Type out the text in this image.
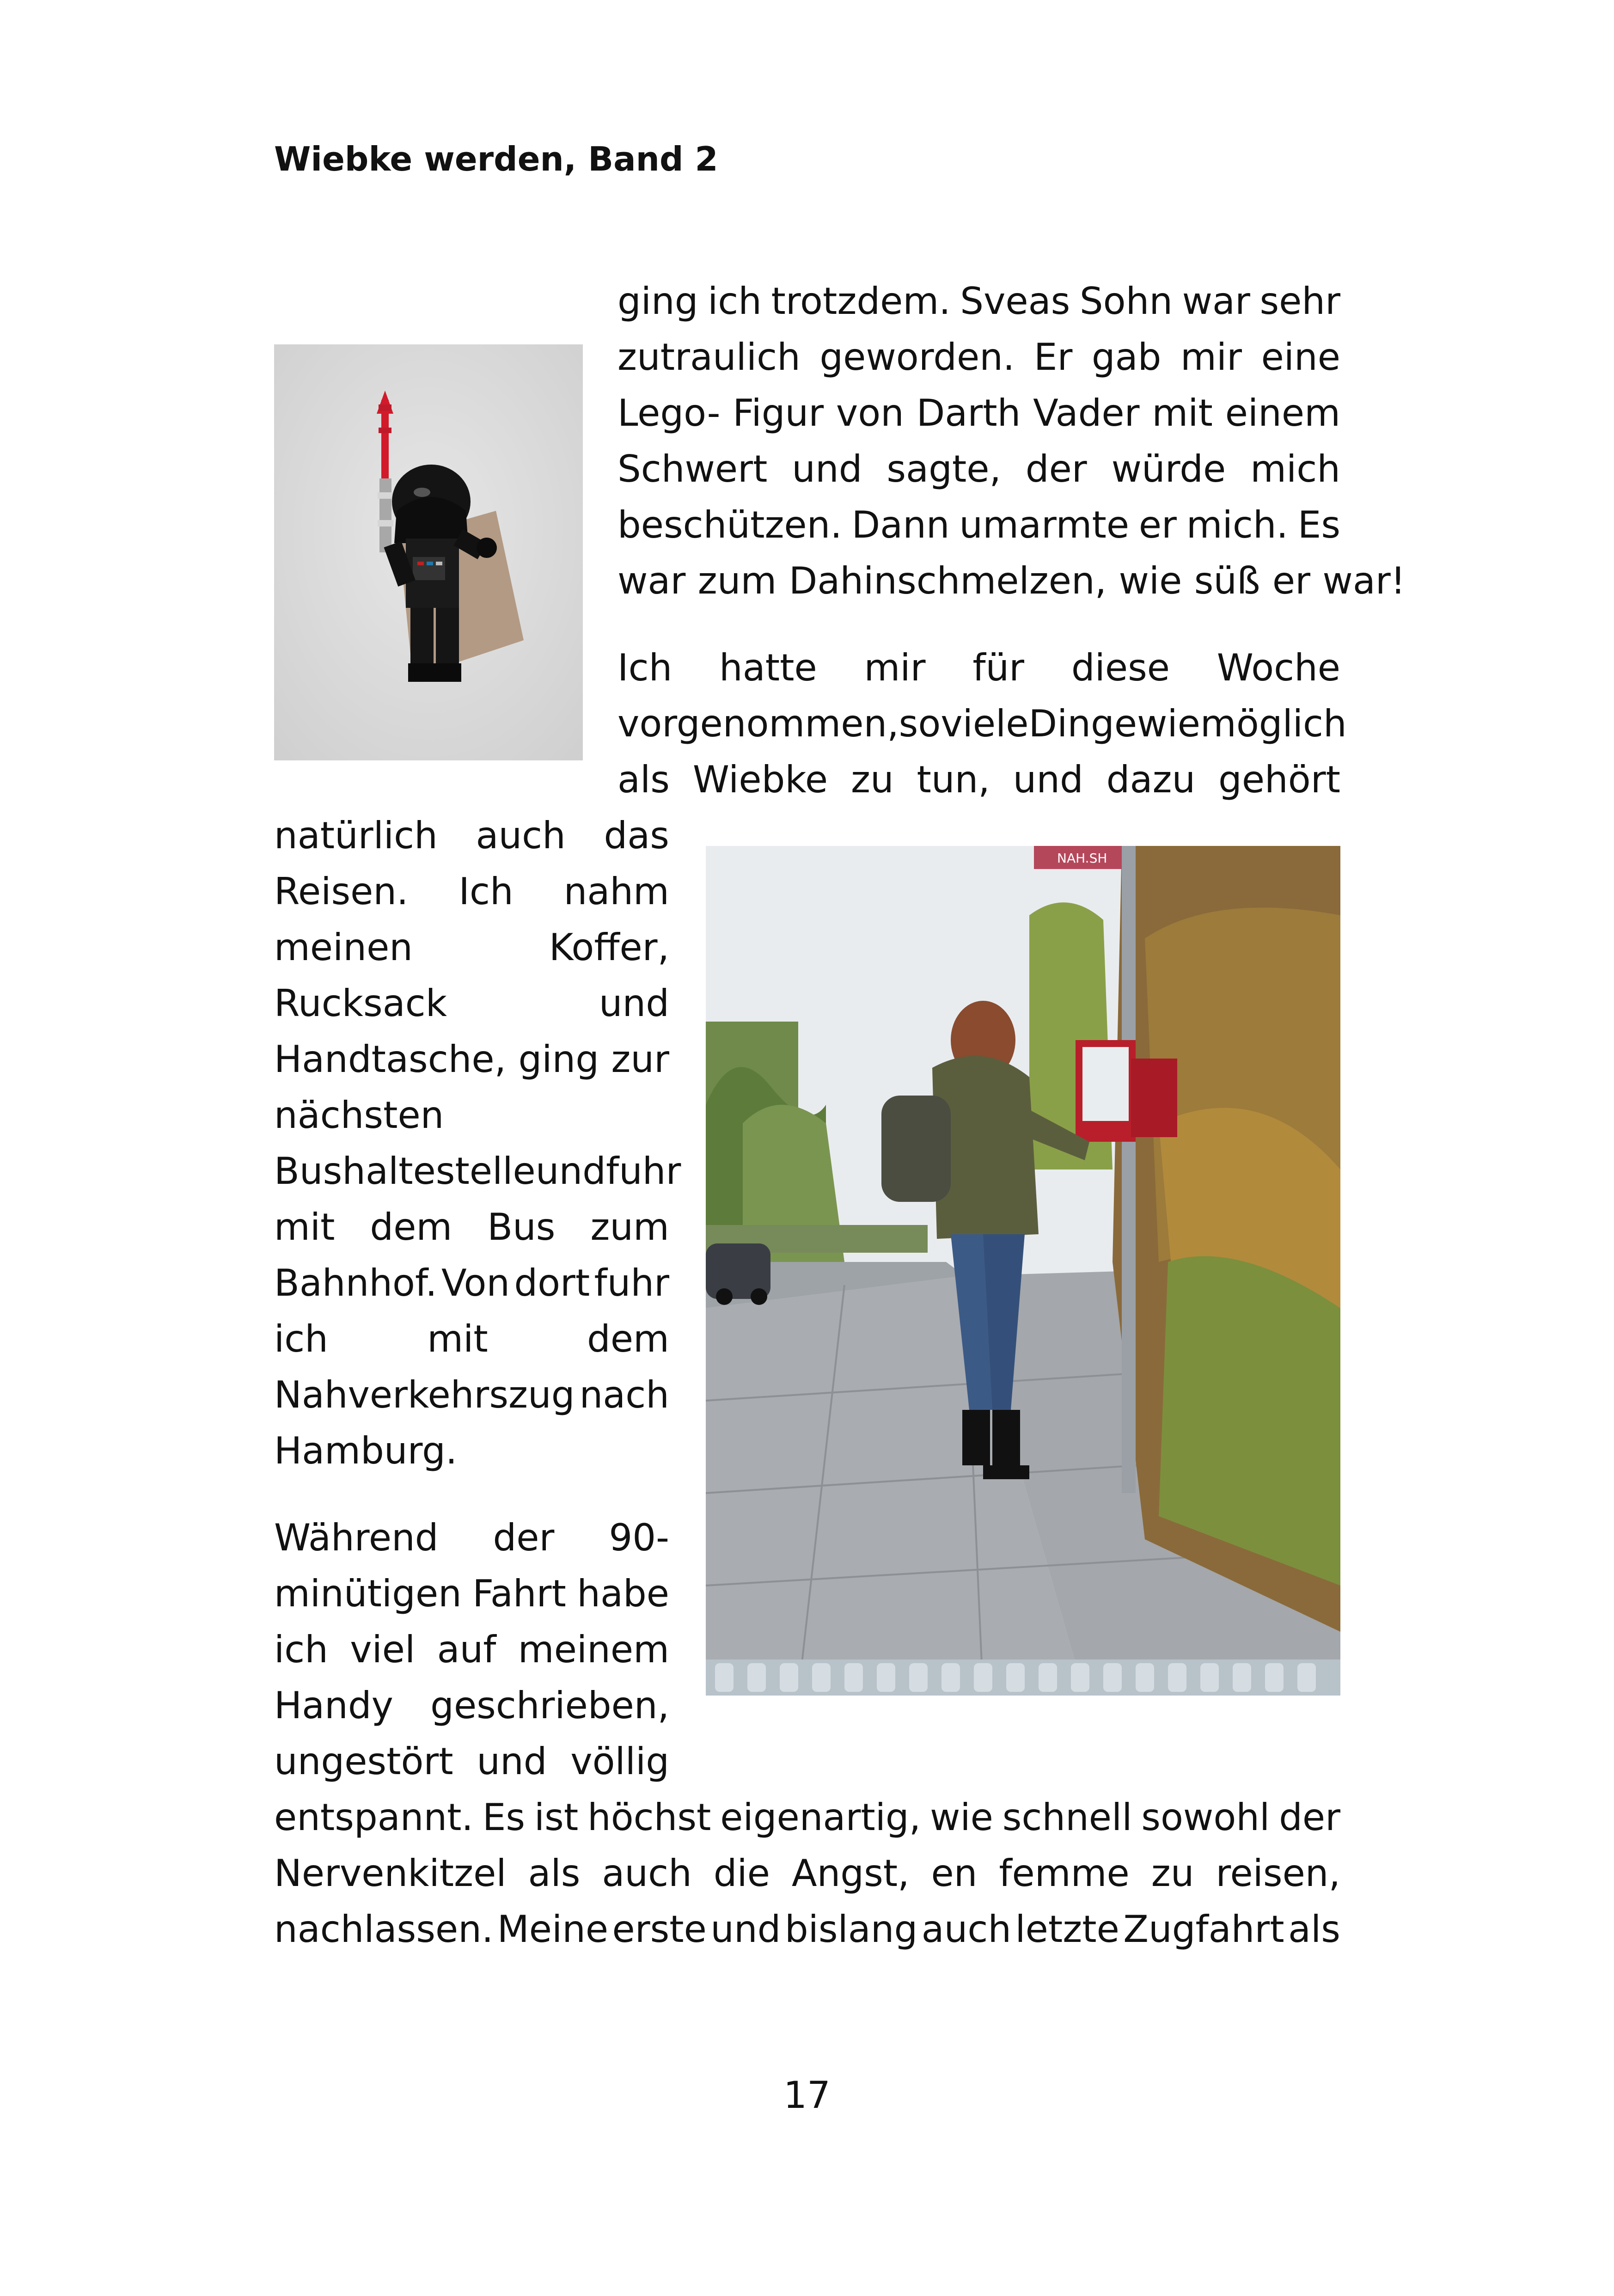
Wiebke werden, Band 2
NAH.SH
ging ich trotzdem. Sveas Sohn war sehr
zutraulich geworden. Er gab mir eine
Lego- Figur von Darth Vader mit einem
Schwert und sagte, der würde mich
beschützen. Dann umarmte er mich. Es
war zum Dahinschmelzen, wie süß er war!
Ich hatte mir für diese Woche
vorgenommen, so viele Dinge wie möglich
als Wiebke zu tun, und dazu gehört
natürlich auch das
Reisen. Ich nahm
meinen	Koffer,
Rucksack	und
Handtasche, ging zur
nächsten
Bushaltestelle und fuhr
mit dem Bus zum
Bahnhof. Von dort fuhr
ich	mit	dem
Nahverkehrszug nach
Hamburg.
Während der 90-
minütigen Fahrt habe
ich viel auf meinem
Handy geschrieben,
ungestört und völlig
entspannt. Es ist höchst eigenartig, wie schnell sowohl der
Nervenkitzel als auch die Angst, en femme zu reisen,
nachlassen. Meine erste und bislang auch letzte Zugfahrt als
17
